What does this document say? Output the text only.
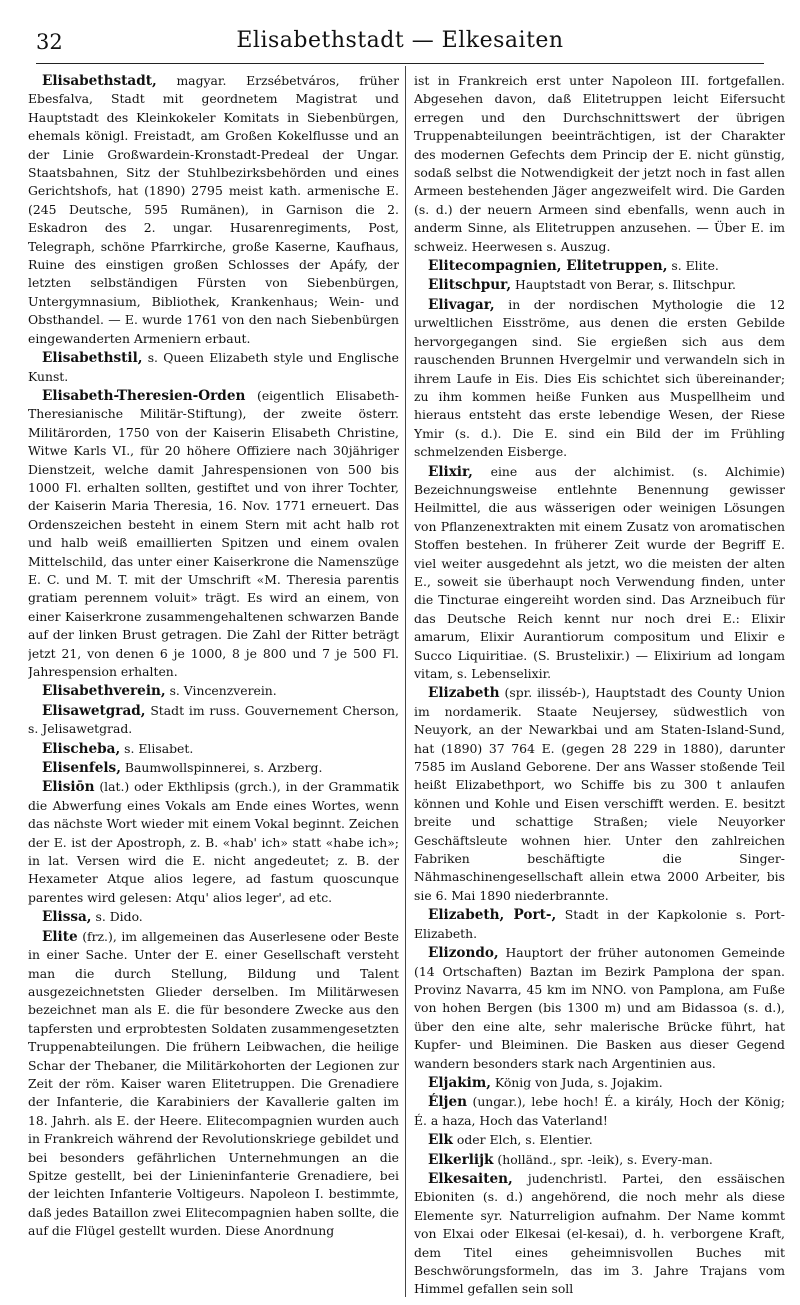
32	Elisabethstadt — Elkesaiten

Elisabethstadt, magyar. Erzsébetváros, früher Ebesfalva, Stadt mit geordnetem Magistrat und Hauptstadt des Kleinkokeler Komitats in Siebenbürgen, ehemals königl. Freistadt, am Großen Kokelflusse und an der Linie Großwardein-Kronstadt-Predeal der Ungar. Staatsbahnen, Sitz der Stuhlbezirksbehörden und eines Gerichtshofs, hat (1890) 2795 meist kath. armenische E. (245 Deutsche, 595 Rumänen), in Garnison die 2. Eskadron des 2. ungar. Husarenregiments, Post, Telegraph, schöne Pfarrkirche, große Kaserne, Kaufhaus, Ruine des einstigen großen Schlosses der Apáfy, der letzten selbständigen Fürsten von Siebenbürgen, Untergymnasium, Bibliothek, Krankenhaus; Wein- und Obsthandel. — E. wurde 1761 von den nach Siebenbürgen eingewanderten Armeniern erbaut.

Elisabethstil, s. Queen Elizabeth style und Englische Kunst.

Elisabeth-Theresien-Orden (eigentlich Elisabeth-Theresianische Militär-Stiftung), der zweite österr. Militärorden, 1750 von der Kaiserin Elisabeth Christine, Witwe Karls VI., für 20 höhere Offiziere nach 30jähriger Dienstzeit, welche damit Jahrespensionen von 500 bis 1000 Fl. erhalten sollten, gestiftet und von ihrer Tochter, der Kaiserin Maria Theresia, 16. Nov. 1771 erneuert. Das Ordenszeichen besteht in einem Stern mit acht halb rot und halb weiß emaillierten Spitzen und einem ovalen Mittelschild, das unter einer Kaiserkrone die Namenszüge E. C. und M. T. mit der Umschrift «M. Theresia parentis gratiam perennem voluit» trägt. Es wird an einem, von einer Kaiserkrone zusammengehaltenen schwarzen Bande auf der linken Brust getragen. Die Zahl der Ritter beträgt jetzt 21, von denen 6 je 1000, 8 je 800 und 7 je 500 Fl. Jahrespension erhalten.

Elisabethverein, s. Vincenzverein.

Elisawetgrad, Stadt im russ. Gouvernement Cherson, s. Jelisawetgrad.

Elischeba, s. Elisabet.

Elisenfels, Baumwollspinnerei, s. Arzberg.

Elisiōn (lat.) oder Ekthlipsis (grch.), in der Grammatik die Abwerfung eines Vokals am Ende eines Wortes, wenn das nächste Wort wieder mit einem Vokal beginnt. Zeichen der E. ist der Apostroph, z. B. «hab' ich» statt «habe ich»; in lat. Versen wird die E. nicht angedeutet; z. B. der Hexameter Atque alios legere, ad fastum quoscunque parentes wird gelesen: Atqu' alios leger', ad etc.

Elissa, s. Dido.

Elite (frz.), im allgemeinen das Auserlesene oder Beste in einer Sache. Unter der E. einer Gesellschaft versteht man die durch Stellung, Bildung und Talent ausgezeichnetsten Glieder derselben. Im Militärwesen bezeichnet man als E. die für besondere Zwecke aus den tapfersten und erprobtesten Soldaten zusammengesetzten Truppenabteilungen. Die frühern Leibwachen, die heilige Schar der Thebaner, die Militärkohorten der Legionen zur Zeit der röm. Kaiser waren Elitetruppen. Die Grenadiere der Infanterie, die Karabiniers der Kavallerie galten im 18. Jahrh. als E. der Heere. Elitecompagnien wurden auch in Frankreich während der Revolutionskriege gebildet und bei besonders gefährlichen Unternehmungen an die Spitze gestellt, bei der Linieninfanterie Grenadiere, bei der leichten Infanterie Voltigeurs. Napoleon I. bestimmte, daß jedes Bataillon zwei Elitecompagnien haben sollte, die auf die Flügel gestellt wurden. Diese Anordnung

ist in Frankreich erst unter Napoleon III. fortgefallen. Abgesehen davon, daß Elitetruppen leicht Eifersucht erregen und den Durchschnittswert der übrigen Truppenabteilungen beeinträchtigen, ist der Charakter des modernen Gefechts dem Princip der E. nicht günstig, sodaß selbst die Notwendigkeit der jetzt noch in fast allen Armeen bestehenden Jäger angezweifelt wird. Die Garden (s. d.) der neuern Armeen sind ebenfalls, wenn auch in anderm Sinne, als Elitetruppen anzusehen. — Über E. im schweiz. Heerwesen s. Auszug.

Elitecompagnien, Elitetruppen, s. Elite.

Elitschpur, Hauptstadt von Berar, s. Ilitschpur.

Elivagar, in der nordischen Mythologie die 12 urweltlichen Eisströme, aus denen die ersten Gebilde hervorgegangen sind. Sie ergießen sich aus dem rauschenden Brunnen Hvergelmir und verwandeln sich in ihrem Laufe in Eis. Dies Eis schichtet sich übereinander; zu ihm kommen heiße Funken aus Muspellheim und hieraus entsteht das erste lebendige Wesen, der Riese Ymir (s. d.). Die E. sind ein Bild der im Frühling schmelzenden Eisberge.

Elixir, eine aus der alchimist. (s. Alchimie) Bezeichnungsweise entlehnte Benennung gewisser Heilmittel, die aus wässerigen oder weinigen Lösungen von Pflanzenextrakten mit einem Zusatz von aromatischen Stoffen bestehen. In früherer Zeit wurde der Begriff E. viel weiter ausgedehnt als jetzt, wo die meisten der alten E., soweit sie überhaupt noch Verwendung finden, unter die Tincturae eingereiht worden sind. Das Arzneibuch für das Deutsche Reich kennt nur noch drei E.: Elixir amarum, Elixir Aurantiorum compositum und Elixir e Succo Liquiritiae. (S. Brustelixir.) — Elixirium ad longam vitam, s. Lebenselixir.

Elizabeth (spr. ilisséb-), Hauptstadt des County Union im nordamerik. Staate Neujersey, südwestlich von Neuyork, an der Newarkbai und am Staten-Island-Sund, hat (1890) 37 764 E. (gegen 28 229 in 1880), darunter 7585 im Ausland Geborene. Der ans Wasser stoßende Teil heißt Elizabethport, wo Schiffe bis zu 300 t anlaufen können und Kohle und Eisen verschifft werden. E. besitzt breite und schattige Straßen; viele Neuyorker Geschäftsleute wohnen hier. Unter den zahlreichen Fabriken beschäftigte die Singer-Nähmaschinengesellschaft allein etwa 2000 Arbeiter, bis sie 6. Mai 1890 niederbrannte.

Elizabeth, Port-, Stadt in der Kapkolonie s. Port-Elizabeth.

Elizondo, Hauptort der früher autonomen Gemeinde (14 Ortschaften) Baztan im Bezirk Pamplona der span. Provinz Navarra, 45 km im NNO. von Pamplona, am Fuße von hohen Bergen (bis 1300 m) und am Bidassoa (s. d.), über den eine alte, sehr malerische Brücke führt, hat Kupfer- und Bleiminen. Die Basken aus dieser Gegend wandern besonders stark nach Argentinien aus.

Eljakim, König von Juda, s. Jojakim.

Éljen (ungar.), lebe hoch! É. a király, Hoch der König; É. a haza, Hoch das Vaterland!

Elk oder Elch, s. Elentier.

Elkerlijk (holländ., spr. -leik), s. Every-man.

Elkesaiten, judenchristl. Partei, den essäischen Ebioniten (s. d.) angehörend, die noch mehr als diese Elemente syr. Naturreligion aufnahm. Der Name kommt von Elxai oder Elkesai (el-kesai), d. h. verborgene Kraft, dem Titel eines geheimnisvollen Buches mit Beschwörungsformeln, das im 3. Jahre Trajans vom Himmel gefallen sein soll
